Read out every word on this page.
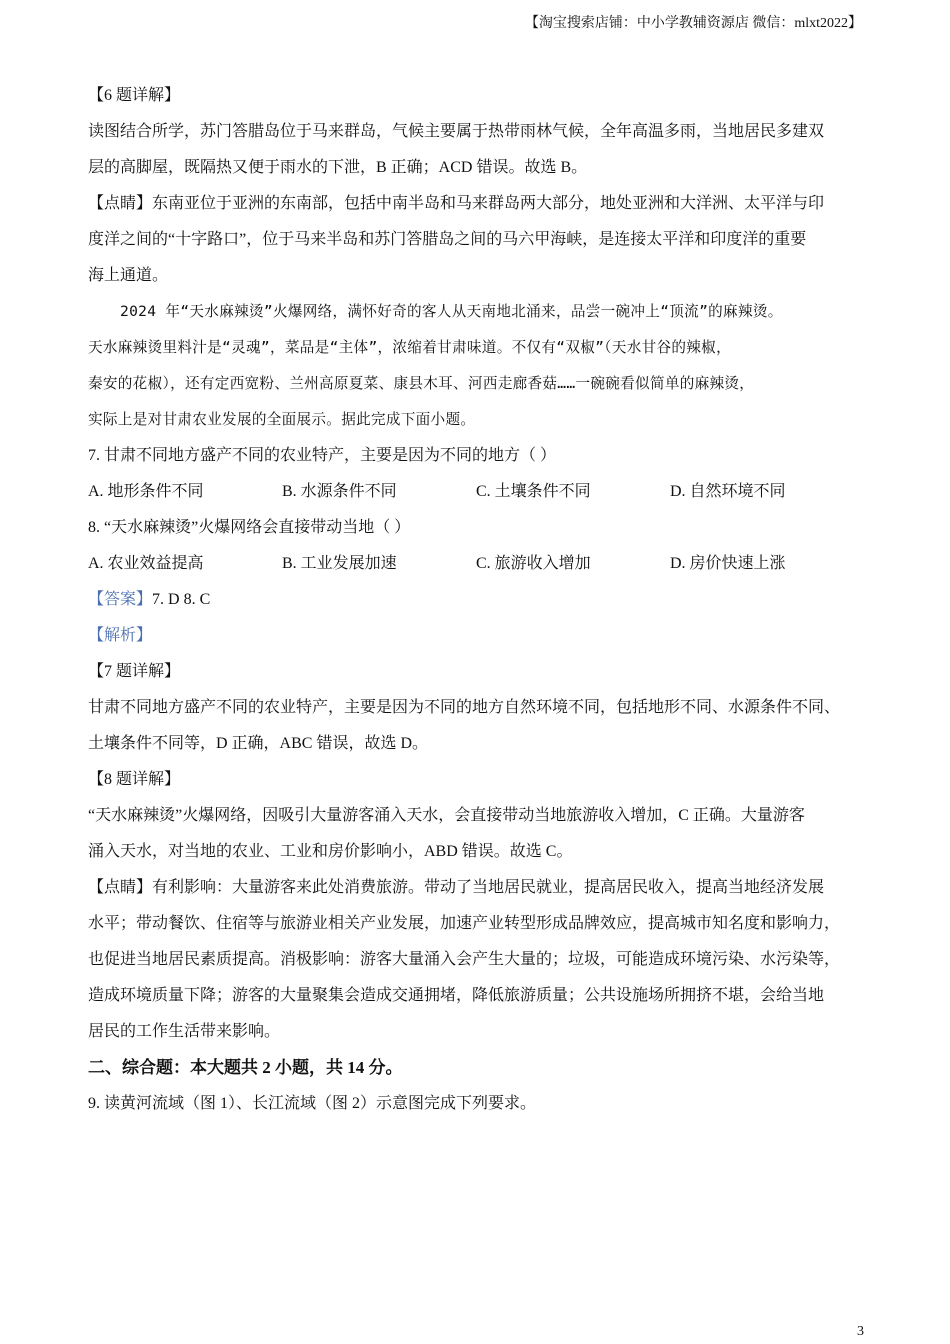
【淘宝搜索店铺：中小学教辅资源店 微信：mlxt2022】
【6 题详解】
读图结合所学，苏门答腊岛位于马来群岛，气候主要属于热带雨林气候，全年高温多雨，当地居民多建双
层的高脚屋，既隔热又便于雨水的下泄，B 正确；ACD 错误。故选 B。
【点睛】东南亚位于亚洲的东南部，包括中南半岛和马来群岛两大部分，地处亚洲和大洋洲、太平洋与印
度洋之间的“十字路口”，位于马来半岛和苏门答腊岛之间的马六甲海峡，是连接太平洋和印度洋的重要
海上通道。
2024 年“天水麻辣烫”火爆网络，满怀好奇的客人从天南地北涌来，品尝一碗冲上“顶流”的麻辣烫。
天水麻辣烫里料汁是“灵魂”，菜品是“主体”，浓缩着甘肃味道。不仅有“双椒”（天水甘谷的辣椒，
秦安的花椒），还有定西宽粉、兰州高原夏菜、康县木耳、河西走廊香菇……一碗碗看似简单的麻辣烫，
实际上是对甘肃农业发展的全面展示。据此完成下面小题。
7. 甘肃不同地方盛产不同的农业特产，主要是因为不同的地方（ ）
A. 地形条件不同	B. 水源条件不同	C. 土壤条件不同	D. 自然环境不同
8. “天水麻辣烫”火爆网络会直接带动当地（ ）
A. 农业效益提高	B. 工业发展加速	C. 旅游收入增加	D. 房价快速上涨
【答案】7. D 8. C
【解析】
【7 题详解】
甘肃不同地方盛产不同的农业特产，主要是因为不同的地方自然环境不同，包括地形不同、水源条件不同、
土壤条件不同等，D 正确，ABC 错误，故选 D。
【8 题详解】
“天水麻辣烫”火爆网络，因吸引大量游客涌入天水，会直接带动当地旅游收入增加，C 正确。大量游客
涌入天水，对当地的农业、工业和房价影响小，ABD 错误。故选 C。
【点睛】有利影响：大量游客来此处消费旅游。带动了当地居民就业，提高居民收入，提高当地经济发展
水平；带动餐饮、住宿等与旅游业相关产业发展，加速产业转型形成品牌效应，提高城市知名度和影响力，
也促进当地居民素质提高。消极影响：游客大量涌入会产生大量的；垃圾，可能造成环境污染、水污染等，
造成环境质量下降；游客的大量聚集会造成交通拥堵，降低旅游质量；公共设施场所拥挤不堪，会给当地
居民的工作生活带来影响。
二、综合题：本大题共 2 小题，共 14 分。
9. 读黄河流域（图 1）、长江流域（图 2）示意图完成下列要求。
3
